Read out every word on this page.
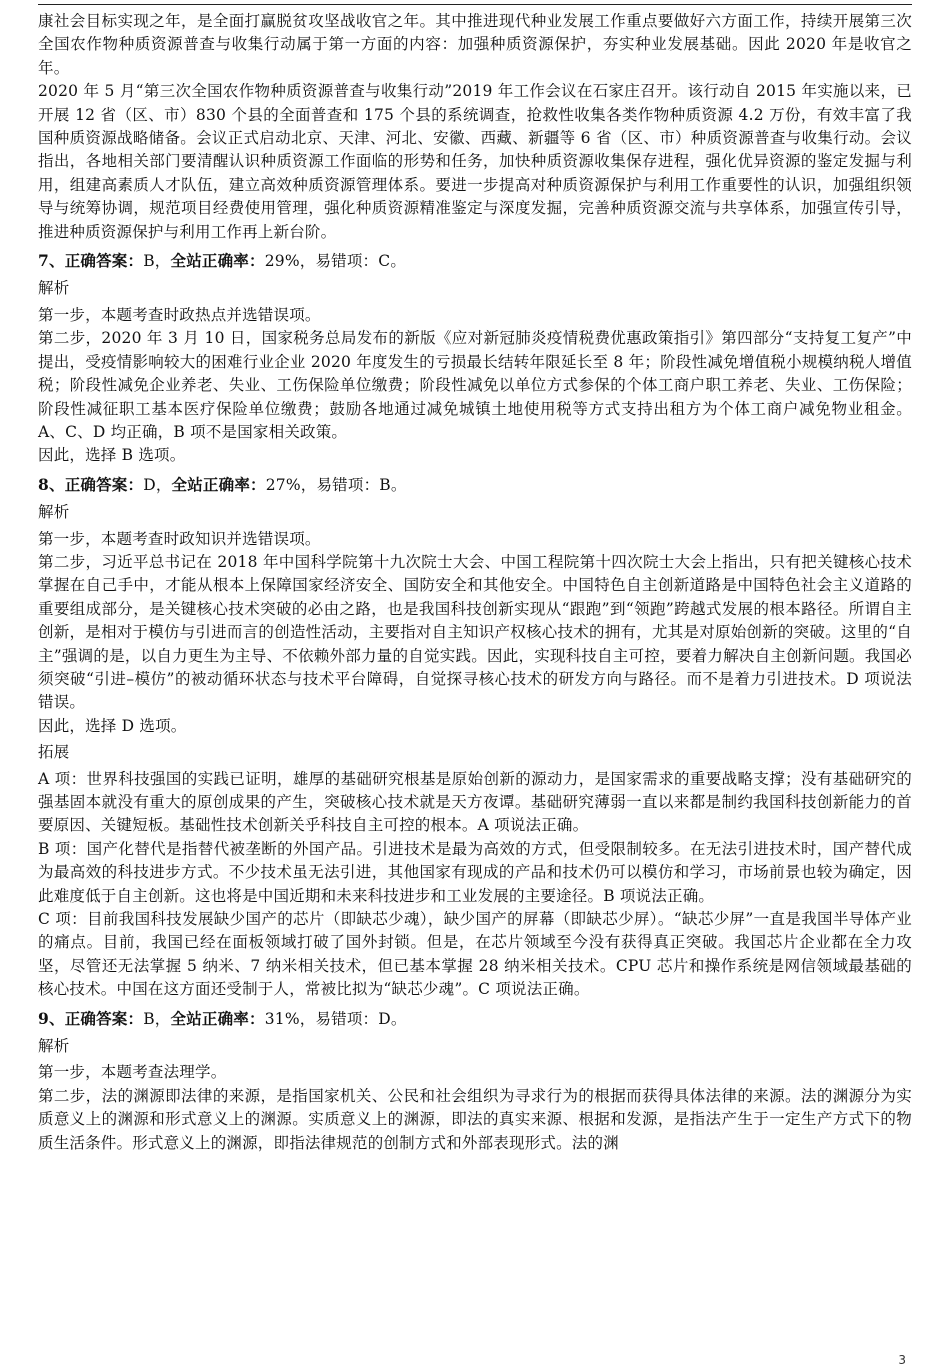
康社会目标实现之年，是全面打赢脱贫攻坚战收官之年。其中推进现代种业发展工作重点要做好六方面工作，持续开展第三次全国农作物种质资源普查与收集行动属于第一方面的内容：加强种质资源保护，夯实种业发展基础。因此 2020 年是收官之年。

2020 年 5 月“第三次全国农作物种质资源普查与收集行动”2019 年工作会议在石家庄召开。该行动自 2015 年实施以来，已开展 12 省（区、市）830 个县的全面普查和 175 个县的系统调查，抢救性收集各类作物种质资源 4.2 万份，有效丰富了我国种质资源战略储备。会议正式启动北京、天津、河北、安徽、西藏、新疆等 6 省（区、市）种质资源普查与收集行动。会议指出，各地相关部门要清醒认识种质资源工作面临的形势和任务，加快种质资源收集保存进程，强化优异资源的鉴定发掘与利用，组建高素质人才队伍，建立高效种质资源管理体系。要进一步提高对种质资源保护与利用工作重要性的认识，加强组织领导与统筹协调，规范项目经费使用管理，强化种质资源精准鉴定与深度发掘，完善种质资源交流与共享体系，加强宣传引导，推进种质资源保护与利用工作再上新台阶。

7、正确答案：B，全站正确率：29%，易错项：C。

解析

第一步，本题考查时政热点并选错误项。

第二步，2020 年 3 月 10 日，国家税务总局发布的新版《应对新冠肺炎疫情税费优惠政策指引》第四部分“支持复工复产”中提出，受疫情影响较大的困难行业企业 2020 年度发生的亏损最长结转年限延长至 8 年；阶段性减免增值税小规模纳税人增值税；阶段性减免企业养老、失业、工伤保险单位缴费；阶段性减免以单位方式参保的个体工商户职工养老、失业、工伤保险；阶段性减征职工基本医疗保险单位缴费；鼓励各地通过减免城镇土地使用税等方式支持出租方为个体工商户减免物业租金。A、C、D 均正确，B 项不是国家相关政策。

因此，选择 B 选项。

8、正确答案：D，全站正确率：27%，易错项：B。

解析

第一步，本题考查时政知识并选错误项。

第二步，习近平总书记在 2018 年中国科学院第十九次院士大会、中国工程院第十四次院士大会上指出，只有把关键核心技术掌握在自己手中，才能从根本上保障国家经济安全、国防安全和其他安全。中国特色自主创新道路是中国特色社会主义道路的重要组成部分，是关键核心技术突破的必由之路，也是我国科技创新实现从“跟跑”到“领跑”跨越式发展的根本路径。所谓自主创新，是相对于模仿与引进而言的创造性活动，主要指对自主知识产权核心技术的拥有，尤其是对原始创新的突破。这里的“自主”强调的是，以自力更生为主导、不依赖外部力量的自觉实践。因此，实现科技自主可控，要着力解决自主创新问题。我国必须突破“引进–模仿”的被动循环状态与技术平台障碍，自觉探寻核心技术的研发方向与路径。而不是着力引进技术。D 项说法错误。

因此，选择 D 选项。

拓展

A 项：世界科技强国的实践已证明，雄厚的基础研究根基是原始创新的源动力，是国家需求的重要战略支撑；没有基础研究的强基固本就没有重大的原创成果的产生，突破核心技术就是天方夜谭。基础研究薄弱一直以来都是制约我国科技创新能力的首要原因、关键短板。基础性技术创新关乎科技自主可控的根本。A 项说法正确。

B 项：国产化替代是指替代被垄断的外国产品。引进技术是最为高效的方式，但受限制较多。在无法引进技术时，国产替代成为最高效的科技进步方式。不少技术虽无法引进，其他国家有现成的产品和技术仍可以模仿和学习，市场前景也较为确定，因此难度低于自主创新。这也将是中国近期和未来科技进步和工业发展的主要途径。B 项说法正确。

C 项：目前我国科技发展缺少国产的芯片（即缺芯少魂），缺少国产的屏幕（即缺芯少屏）。“缺芯少屏”一直是我国半导体产业的痛点。目前，我国已经在面板领域打破了国外封锁。但是，在芯片领域至今没有获得真正突破。我国芯片企业都在全力攻坚，尽管还无法掌握 5 纳米、7 纳米相关技术，但已基本掌握 28 纳米相关技术。CPU 芯片和操作系统是网信领域最基础的核心技术。中国在这方面还受制于人，常被比拟为“缺芯少魂”。C 项说法正确。

9、正确答案：B，全站正确率：31%，易错项：D。

解析

第一步，本题考查法理学。

第二步，法的渊源即法律的来源，是指国家机关、公民和社会组织为寻求行为的根据而获得具体法律的来源。法的渊源分为实质意义上的渊源和形式意义上的渊源。实质意义上的渊源，即法的真实来源、根据和发源，是指法产生于一定生产方式下的物质生活条件。形式意义上的渊源，即指法律规范的创制方式和外部表现形式。法的渊

3
